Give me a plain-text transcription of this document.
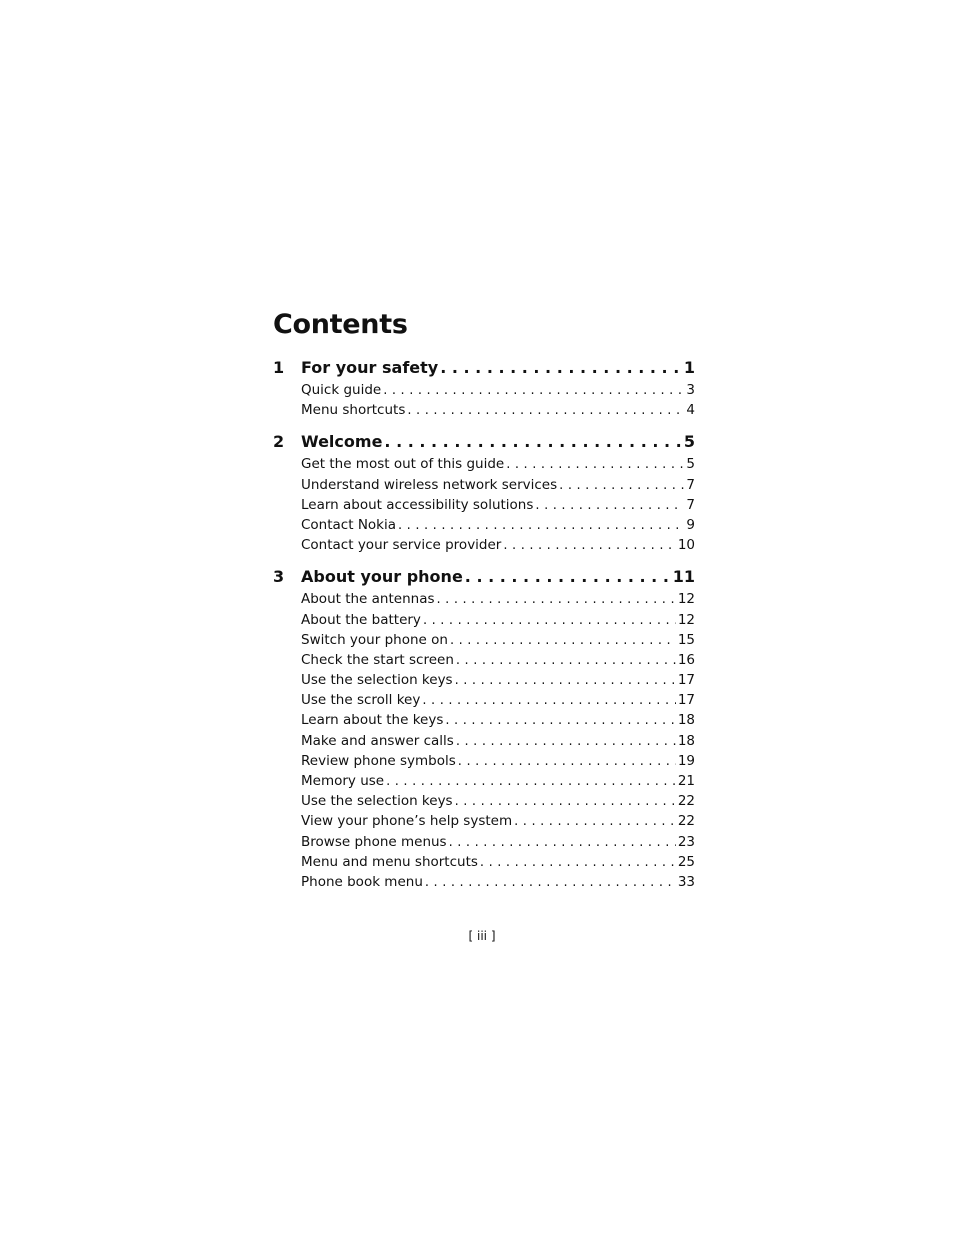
Contents
1	For your safety . . .	1
Quick guide . . .	3
Menu shortcuts . . .	4
2	Welcome . . .	5
Get the most out of this guide . . .	5
Understand wireless network services . . .	7
Learn about accessibility solutions . . .	7
Contact Nokia . . .	9
Contact your service provider . . .	10
3	About your phone . . .	11
About the antennas . . .	12
About the battery . . .	12
Switch your phone on . . .	15
Check the start screen . . .	16
Use the selection keys . . .	17
Use the scroll key . . .	17
Learn about the keys . . .	18
Make and answer calls . . .	18
Review phone symbols . . .	19
Memory use . . .	21
Use the selection keys . . .	22
View your phone’s help system . . .	22
Browse phone menus . . .	23
Menu and menu shortcuts . . .	25
Phone book menu . . .	33
[ iii ]
